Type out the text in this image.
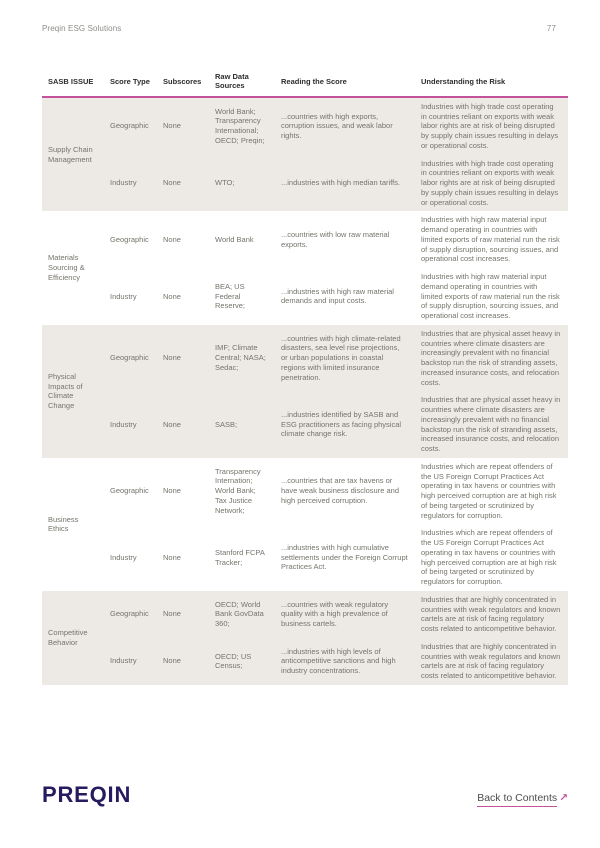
Preqin ESG Solutions	77
SASB ISSUE	Score Type	Subscores	Raw Data Sources	Reading the Score	Understanding the Risk
Supply Chain Management	Geographic	None	World Bank; Transparency International; OECD; Preqin;	...countries with high exports, corruption issues, and weak labor rights.	Industries with high trade cost operating in countries reliant on exports with weak labor rights are at risk of being disrupted by supply chain issues resulting in delays or operational costs.
	Industry	None	WTO;	...industries with high median tariffs.	Industries with high trade cost operating in countries reliant on exports with weak labor rights are at risk of being disrupted by supply chain issues resulting in delays or operational costs.
Materials Sourcing & Efficiency	Geographic	None	World Bank	...countries with low raw material exports.	Industries with high raw material input demand operating in countries with limited exports of raw material run the risk of supply disruption, sourcing issues, and operational cost increases.
	Industry	None	BEA; US Federal Reserve;	...industries with high raw material demands and input costs.	Industries with high raw material input demand operating in countries with limited exports of raw material run the risk of supply disruption, sourcing issues, and operational cost increases.
Physical Impacts of Climate Change	Geographic	None	IMF; Climate Central; NASA; Sedac;	...countries with high climate-related disasters, sea level rise projections, or urban populations in coastal regions with limited insurance penetration.	Industries that are physical asset heavy in countries where climate disasters are increasingly prevalent with no financial backstop run the risk of stranding assets, increased insurance costs, and relocation costs.
	Industry	None	SASB;	...industries identified by SASB and ESG practitioners as facing physical climate change risk.	Industries that are physical asset heavy in countries where climate disasters are increasingly prevalent with no financial backstop run the risk of stranding assets, increased insurance costs, and relocation costs.
Business Ethics	Geographic	None	Transparency Internation; World Bank; Tax Justice Network;	...countries that are tax havens or have weak business disclosure and high perceived corruption.	Industries which are repeat offenders of the US Foreign Corrupt Practices Act operating in tax havens or countries with high perceived corruption are at high risk of being targeted or scrutinized by regulators for corruption.
	Industry	None	Stanford FCPA Tracker;	...industries with high cumulative settlements under the Foreign Corrupt Practices Act.	Industries which are repeat offenders of the US Foreign Corrupt Practices Act operating in tax havens or countries with high perceived corruption are at high risk of being targeted or scrutinized by regulators for corruption.
Competitive Behavior	Geographic	None	OECD; World Bank GovData 360;	...countries with weak regulatory quality with a high prevalence of business cartels.	Industries that are highly concentrated in countries with weak regulators and known cartels are at risk of facing regulatory costs related to anticompetitive behavior.
	Industry	None	OECD; US Census;	...industries with high levels of anticompetitive sanctions and high industry concentrations.	Industries that are highly concentrated in countries with weak regulators and known cartels are at risk of facing regulatory costs related to anticompetitive behavior.
PREQIN	Back to Contents ↗
